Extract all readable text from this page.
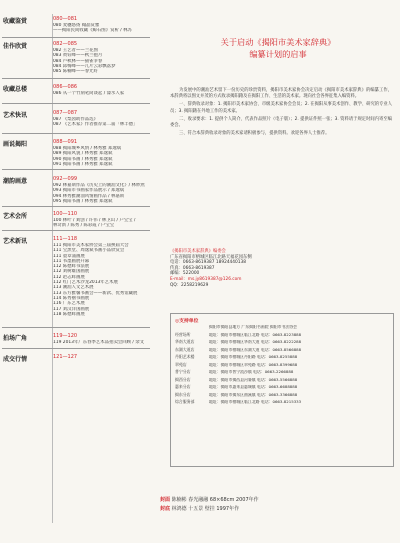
收藏鉴赏	080—081
080 麦穗悠扬 翰晶赏雅
——揭阳民间收藏《鲸石图》赏析 / 林苏
佳作欣赏	082—085
082 王艺者——兰花图
083 黄钰峰——秋兰抱月
084 卢秋林——猫雀争春
084 邱梅峰——几片云彩飘落梦
085 陈楠峰——春光好
收藏总楼	086—086
086 从一个竹刻笔筒谈起 / 漆水人家
艺术快讯	087—087
087 《梨园助作品选》
087 《艺术家》作者推荐第二届「林丰德」
画说揭阳	088—091
088 揭阳城乡风情 / 林秀雅 郑逸斌
089 揭阳风貌 / 林秀雅 郑逸斌
090 揭阳书画 / 林秀雅 郑逸斌
091 揭阳书画 / 林秀雅 郑逸斌
潮韵画意	092—099
092 林嘉斯作品《历史上的潮汕文化》/ 林妙然
093 揭阳市书画家作品展示 / 郑逸斌
094 林秀雅潮汕风情画作品 / 林嘉斯
095 揭阳书画 / 林秀雅 郑逸斌
艺术会所	100—110
100 林叶 / 刘创 / 许伟 / 林卫山 / 户宝宝 /
林奇新 / 陈秀 / 陈彩霞 / 户宝宝
艺术新讯	111—118
111 揭阳市美术家协会第三届换届大会
111 宝黑堂、周逸斌书画小品欣赏会
111 童章浦画展
111 书墨画展开幕
112 陈德辉书法展
112 刘树雄国画展
112 赵志辉画展
112 红门艺术沙龙2013年艺术展
113 潮汕人文艺术展
113 东方雅馨书画会——新款、优秀馆藏展
114 陈秀丽书画展
116 广东艺术展
117 刘汉洋国画展
118 陈德辉画展
拍场广角	119—120
119 2013年广东春季艺术品拍卖会回顾 / 余文
成交行情	121—127
关于启动《揭阳市美术家辞典》
编纂计划的启事

为发展中的潮汕艺术留下一份历史的珍贵资料，揭阳市美术家协会决定启动《揭阳市美术家辞典》的编纂工作，本辞典将以图文并茂的方式收录揭阳籍及在揭阳工作、生活的美术家。现向社会各界征集入编资料。

一、辞典收录对象：1. 揭阳市美术家协会、市级美术家协会会员；2. 在揭阳从事美术创作、教学、研究的专业人员；3. 揭阳籍在外地工作的美术家。

二、收录要求：1. 提供个人简介、代表作品照片（电子版）；2. 提供证件照一张；3. 资料请于规定时间内寄至编委会。

三、符合本辞典收录对象的美术家请积极参与，提供资料。欢迎各界人士推荐。

《揭阳市美术家辞典》编委会
广东省揭阳市榕城区临江北路天福花园东侧
电话：0663-8619387 18924440138
传真：0663-8619387
邮编：522000
E-mail：ms.jy8619387@126.com
QQ：2258219629
◎支持单位
揭阳市揭阳县地方 广东揭阳书画院 揭阳市书法协会
经营场所	地址：揭阳市榕城区临江北路 电话：0663-8223888
华南大道店	地址：揭阳市榕城区华南大道 电话：0663-8222288
东湖大道店	地址：揭阳市榕城区东湖大道 电话：0663-8566888
丹阳艺术楼	地址：揭阳市榕城区丹阳路 电话：0663-8255888
翠苑店	地址：揭阳市榕城区翠苑路 电话：0663-8399688
普宁分店	地址：揭阳市普宁流沙镇 电话：0663-2266888
揭西分店	地址：揭阳市揭西县河婆镇 电话：0663-5566888
惠来分店	地址：揭阳市惠来县惠城镇 电话：0663-6688888
揭东分店	地址：揭阳市揭东区曲溪镇 电话：0663-3366888
综合服务部	地址：揭阳市榕城区临江北路 电话：0663-8215333
封面 陈楠彬 春光融融 68×68cm 2007年作
封底 林鸿德 十五景 壁挂 1997年作
